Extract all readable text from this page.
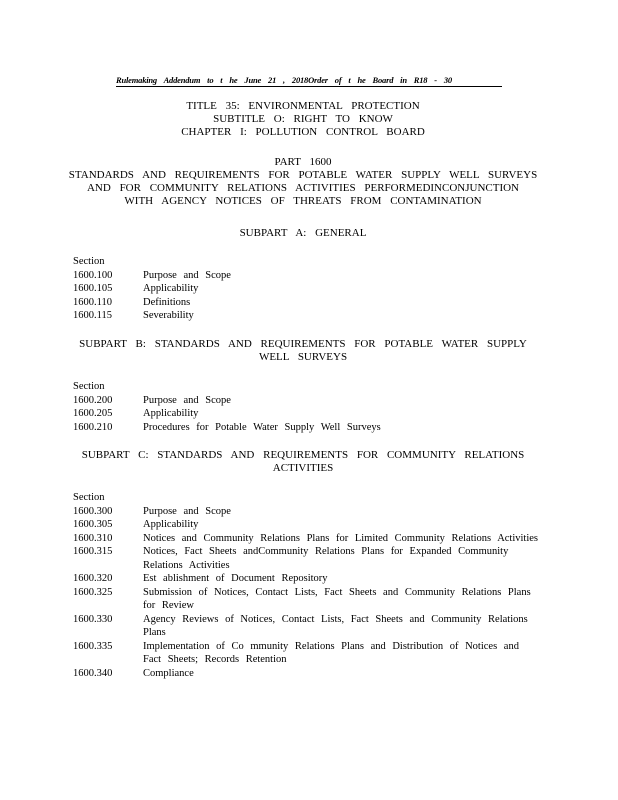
Rulemaking Addendum to t he June 21 , 2018Order of t he Board in R18 - 30
TITLE 35: ENVIRONMENTAL PROTECTION
SUBTITLE O: RIGHT TO KNOW
CHAPTER I: POLLUTION CONTROL BOARD
PART 1600
STANDARDS AND REQUIREMENTS FOR POTABLE WATER SUPPLY WELL SURVEYS
AND FOR COMMUNITY RELATIONS ACTIVITIES PERFORMEDINCONJUNCTION
WITH AGENCY NOTICES OF THREATS FROM CONTAMINATION
SUBPART A: GENERAL
Section
1600.100	Purpose and Scope
1600.105	Applicability
1600.110	Definitions
1600.115	Severability
SUBPART B: STANDARDS AND REQUIREMENTS FOR POTABLE WATER SUPPLY
WELL SURVEYS
Section
1600.200	Purpose and Scope
1600.205	Applicability
1600.210	Procedures for Potable Water Supply Well Surveys
SUBPART C: STANDARDS AND REQUIREMENTS FOR COMMUNITY RELATIONS
ACTIVITIES
Section
1600.300	Purpose and Scope
1600.305	Applicability
1600.310	Notices and Community Relations Plans for Limited Community Relations Activities
1600.315	Notices, Fact Sheets andCommunity Relations Plans for Expanded Community Relations Activities
1600.320	Est ablishment of Document Repository
1600.325	Submission of Notices, Contact Lists, Fact Sheets and Community Relations Plans for Review
1600.330	Agency Reviews of Notices, Contact Lists, Fact Sheets and Community Relations Plans
1600.335	Implementation of Co mmunity Relations Plans and Distribution of Notices and Fact Sheets; Records Retention
1600.340	Compliance
